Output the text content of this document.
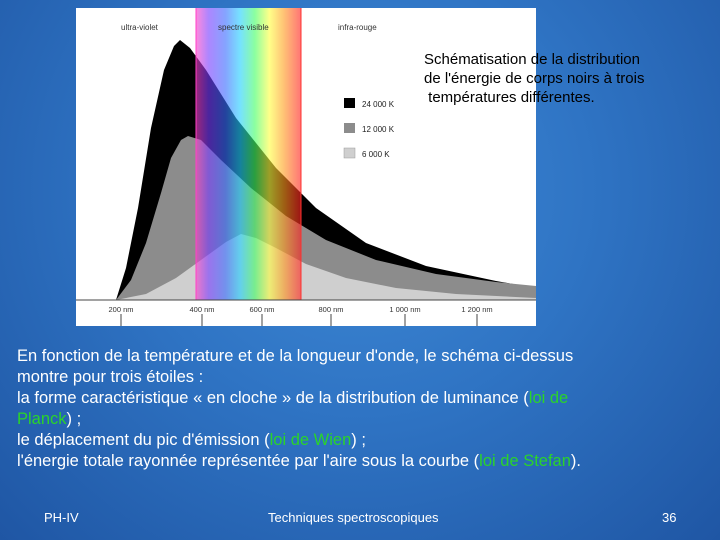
ultra-violet	spectre visible	infra-rouge
24 000 K
12 000 K
6 000 K
200 nm	400 nm	600 nm	800 nm	1 000 nm	1 200 nm
Schématisation de la distribution
de l'énergie de corps noirs à trois
températures différentes.
En fonction de la température et de la longueur d'onde, le schéma ci-dessus
montre pour trois étoiles :
la forme caractéristique « en cloche » de la distribution de luminance (loi de
Planck) ;
le déplacement du pic d'émission (loi de Wien) ;
l'énergie totale rayonnée représentée par l'aire sous la courbe (loi de Stefan).
PH-IV	Techniques spectroscopiques	36
